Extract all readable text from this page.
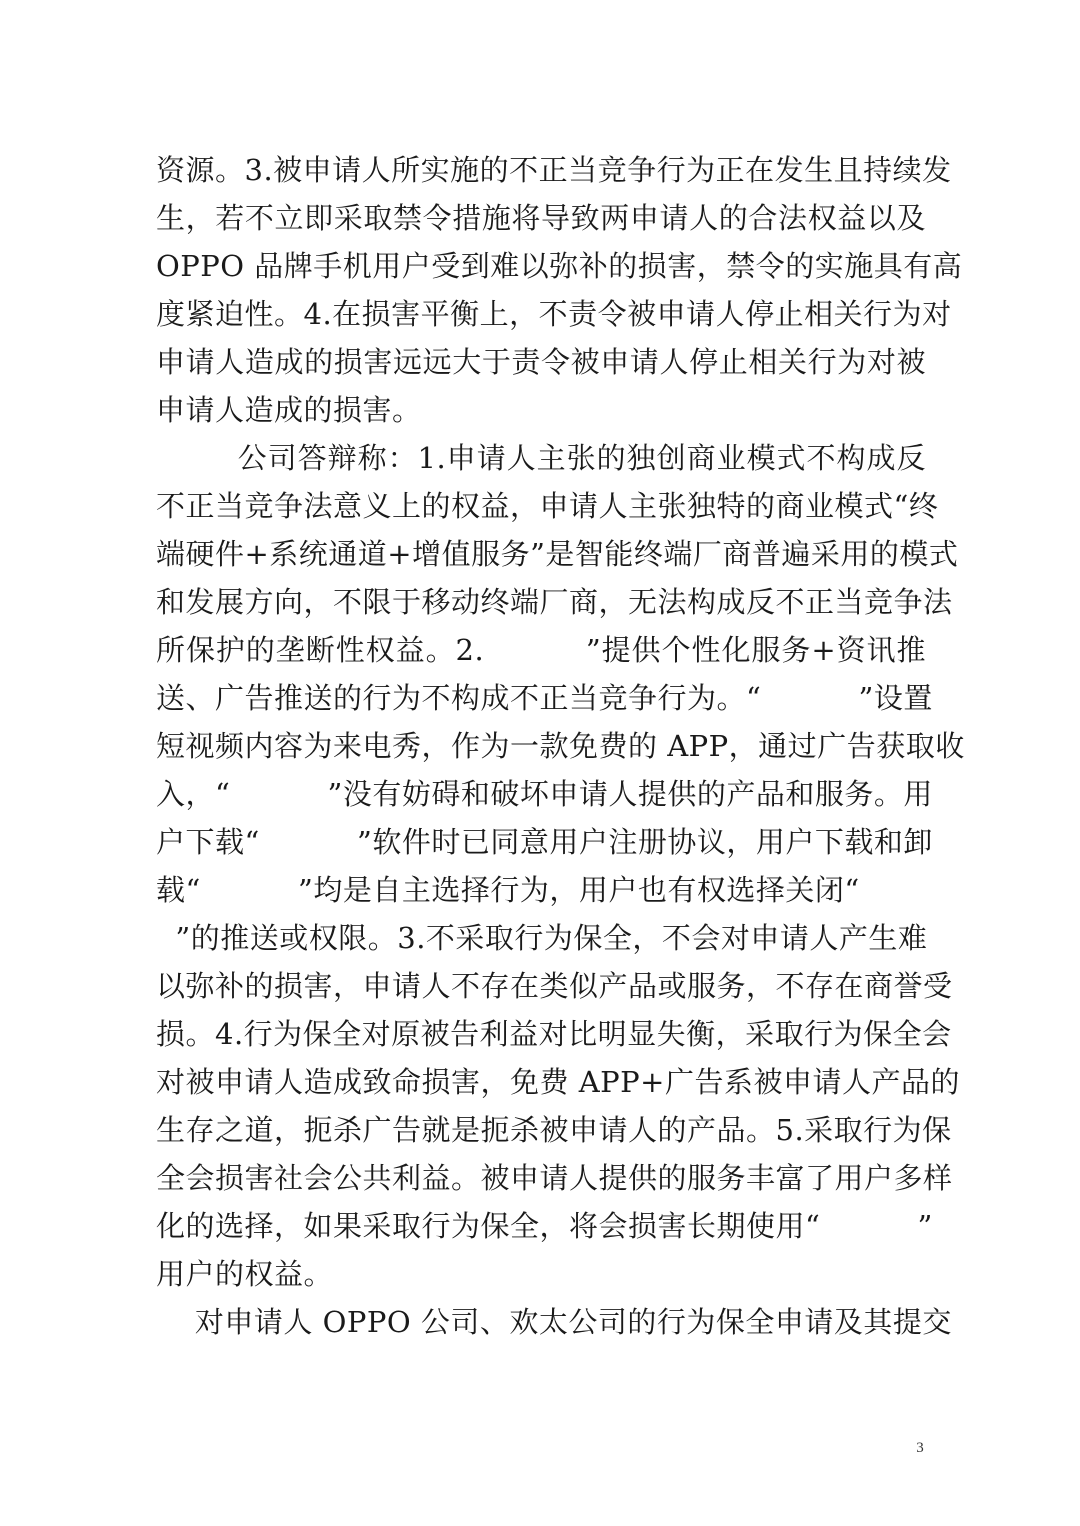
资源。3.被申请人所实施的不正当竞争行为正在发生且持续发
生，若不立即采取禁令措施将导致两申请人的合法权益以及
OPPO 品牌手机用户受到难以弥补的损害，禁令的实施具有高
度紧迫性。4.在损害平衡上，不责令被申请人停止相关行为对
申请人造成的损害远远大于责令被申请人停止相关行为对被
申请人造成的损害。
公司答辩称：1.申请人主张的独创商业模式不构成反
不正当竞争法意义上的权益，申请人主张独特的商业模式“终
端硬件+系统通道+增值服务”是智能终端厂商普遍采用的模式
和发展方向，不限于移动终端厂商，无法构成反不正当竞争法
所保护的垄断性权益。2.          ”提供个性化服务+资讯推
送、广告推送的行为不构成不正当竞争行为。“          ”设置
短视频内容为来电秀，作为一款免费的 APP，通过广告获取收
入，“          ”没有妨碍和破坏申请人提供的产品和服务。用
户下载“          ”软件时已同意用户注册协议，用户下载和卸
载“          ”均是自主选择行为，用户也有权选择关闭“
”的推送或权限。3.不采取行为保全，不会对申请人产生难
以弥补的损害，申请人不存在类似产品或服务，不存在商誉受
损。4.行为保全对原被告利益对比明显失衡，采取行为保全会
对被申请人造成致命损害，免费 APP+广告系被申请人产品的
生存之道，扼杀广告就是扼杀被申请人的产品。5.采取行为保
全会损害社会公共利益。被申请人提供的服务丰富了用户多样
化的选择，如果采取行为保全，将会损害长期使用“          ”
用户的权益。
对申请人 OPPO 公司、欢太公司的行为保全申请及其提交
3
